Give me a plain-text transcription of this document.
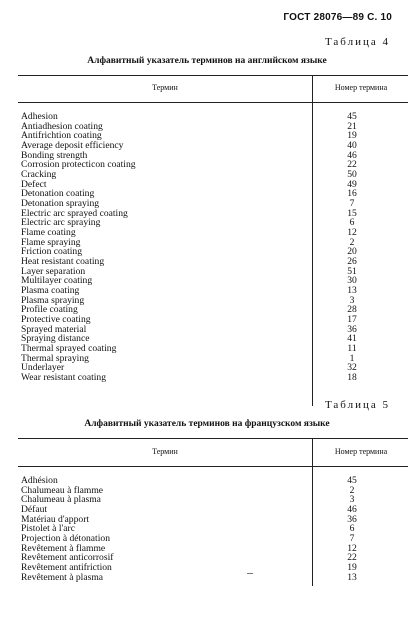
ГОСТ 28076—89 С. 10
Таблица 4
Алфавитный указатель терминов на английском языке
Термин	Номер термина
Adhesion	45
Antiadhesion coating	21
Antifrichtion coating	19
Average deposit efficiency	40
Bonding strength	46
Corrosion protecticon coating	22
Cracking	50
Defect	49
Detonation coating	16
Detonation spraying	7
Electric arc sprayed coating	15
Electric arc spraying	6
Flame coating	12
Flame spraying	2
Friction coating	20
Heat resistant coating	26
Layer separation	51
Multilayer coating	30
Plasma coating	13
Plasma spraying	3
Profile coating	28
Protective coating	17
Sprayed material	36
Spraying distance	41
Thermal sprayed coating	11
Thermal spraying	1
Underlayer	32
Wear resistant coating	18
Таблица 5
Алфавитный указатель терминов на французском языке
Термин	Номер термина
Adhésion	45
Chalumeau à flamme	2
Chalumeau à plasma	3
Défaut	46
Matériau d'apport	36
Pistolet à l'arc	6
Projection à détonation	7
Revêtement à flamme	12
Revêtement anticorrosif	22
Revêtement antifriction	19
Revêtement à plasma	13
